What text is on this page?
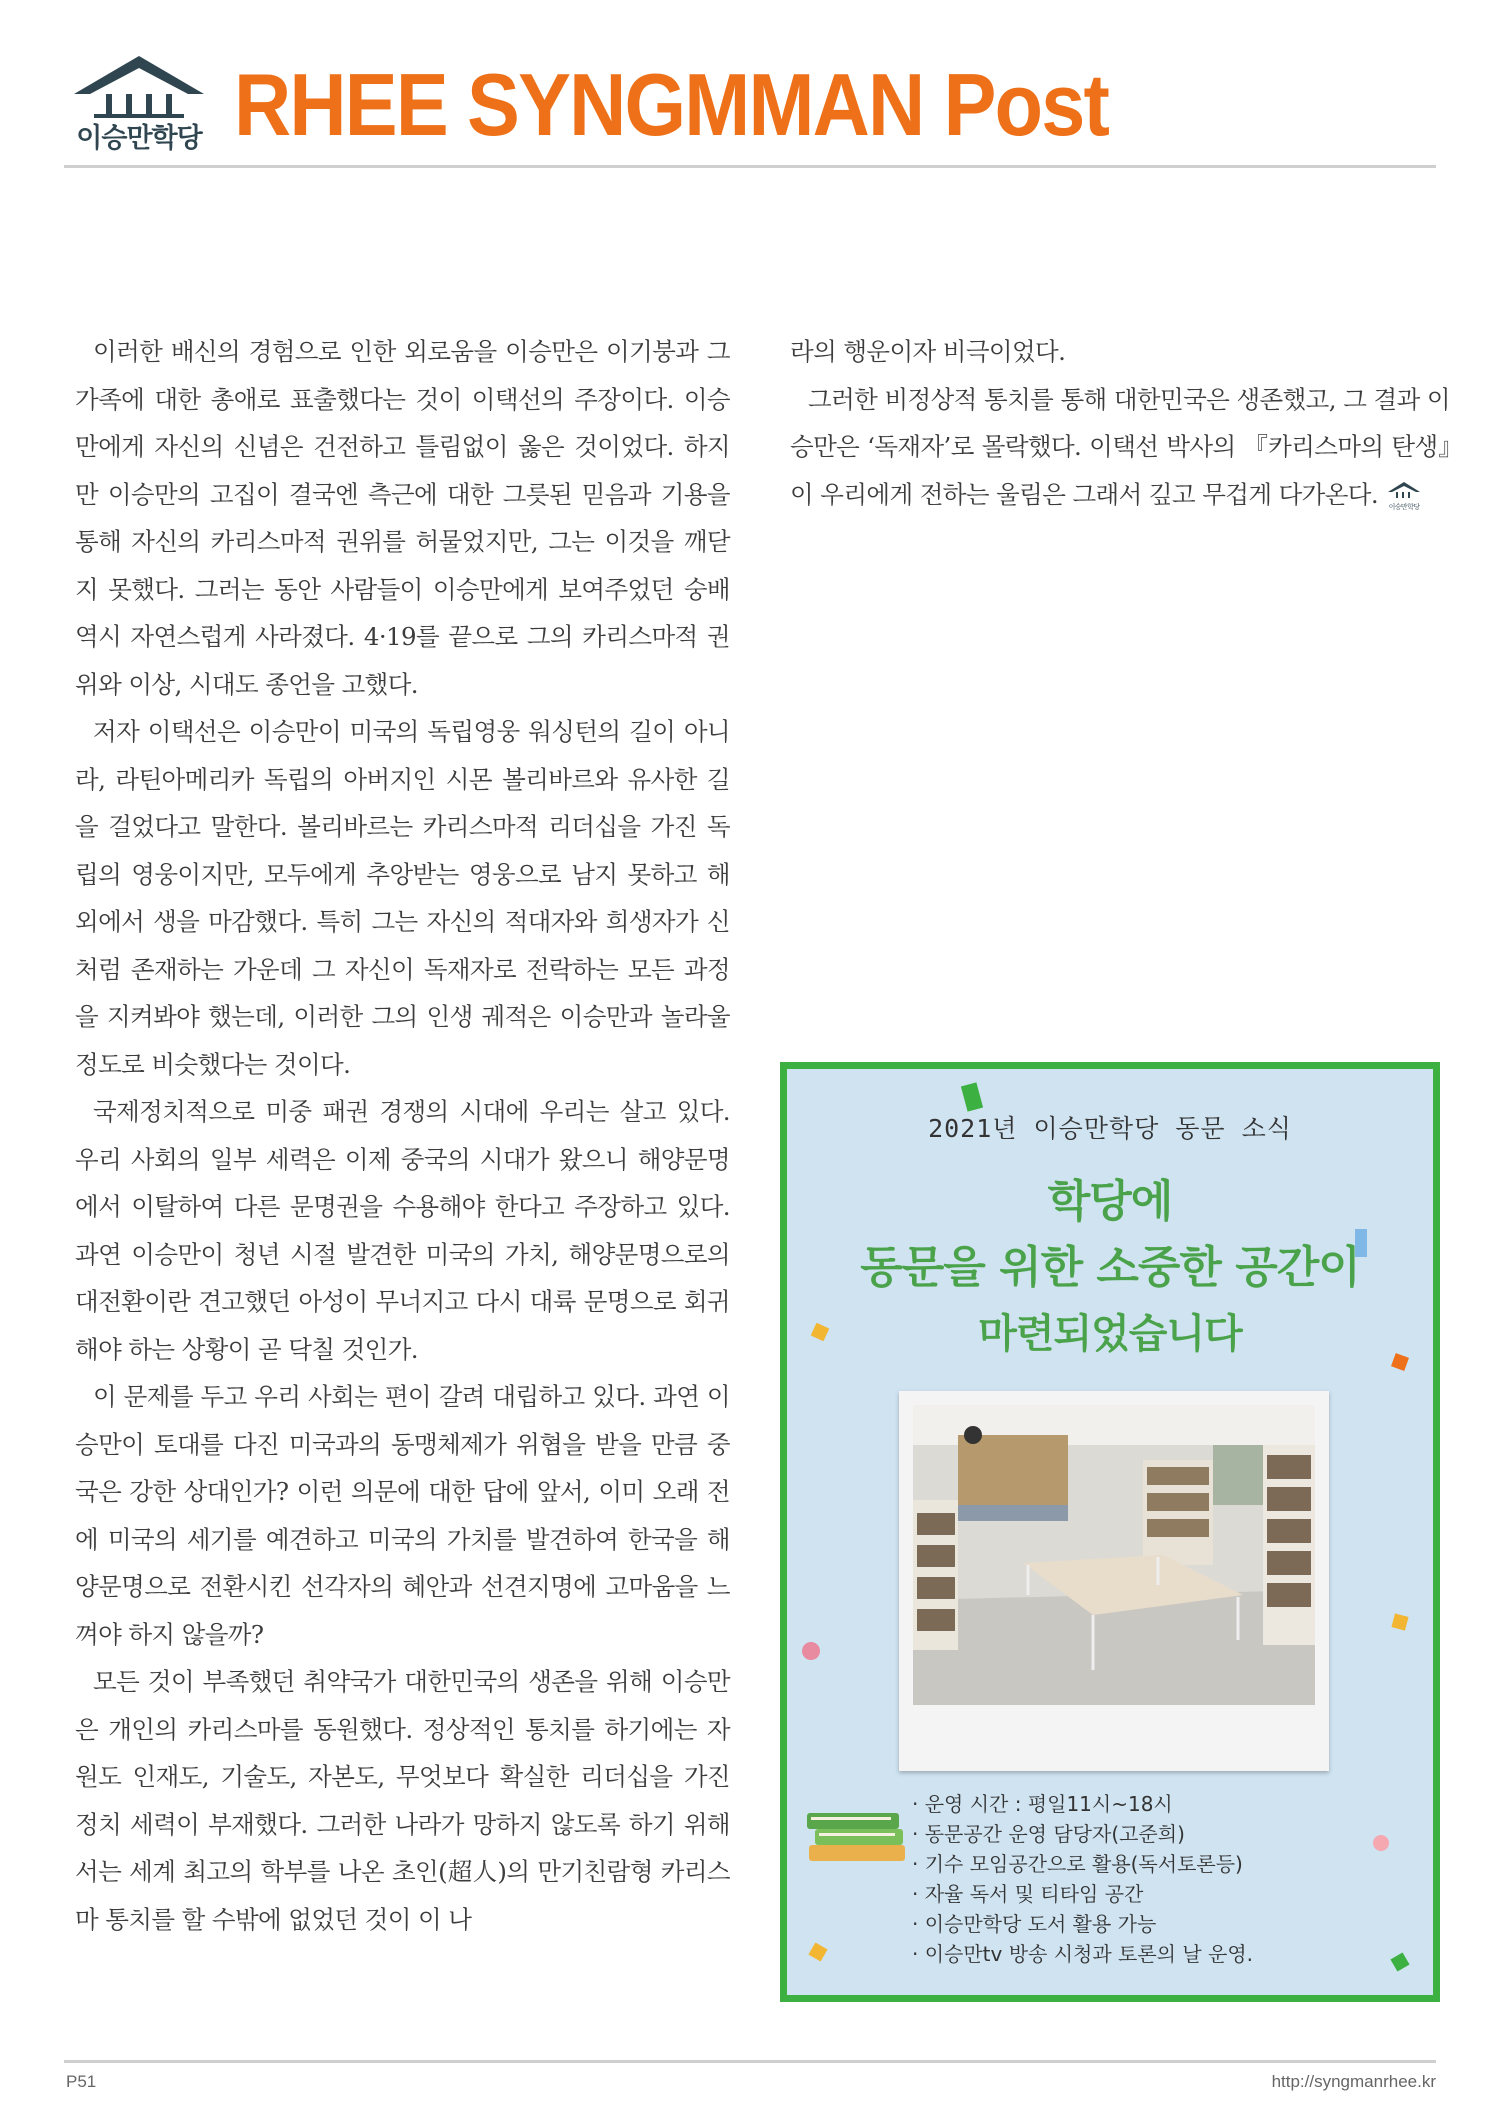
이승만학당 RHEE SYNGMMAN Post

이러한 배신의 경험으로 인한 외로움을 이승만은 이기붕과 그 가족에 대한 총애로 표출했다는 것이 이택선의 주장이다. 이승만에게 자신의 신념은 건전하고 틀림없이 옳은 것이었다. 하지만 이승만의 고집이 결국엔 측근에 대한 그릇된 믿음과 기용을 통해 자신의 카리스마적 권위를 허물었지만, 그는 이것을 깨닫지 못했다. 그러는 동안 사람들이 이승만에게 보여주었던 숭배 역시 자연스럽게 사라졌다. 4·19를 끝으로 그의 카리스마적 권위와 이상, 시대도 종언을 고했다.

저자 이택선은 이승만이 미국의 독립영웅 워싱턴의 길이 아니라, 라틴아메리카 독립의 아버지인 시몬 볼리바르와 유사한 길을 걸었다고 말한다. 볼리바르는 카리스마적 리더십을 가진 독립의 영웅이지만, 모두에게 추앙받는 영웅으로 남지 못하고 해외에서 생을 마감했다. 특히 그는 자신의 적대자와 희생자가 신처럼 존재하는 가운데 그 자신이 독재자로 전락하는 모든 과정을 지켜봐야 했는데, 이러한 그의 인생 궤적은 이승만과 놀라울 정도로 비슷했다는 것이다.

국제정치적으로 미중 패권 경쟁의 시대에 우리는 살고 있다. 우리 사회의 일부 세력은 이제 중국의 시대가 왔으니 해양문명에서 이탈하여 다른 문명권을 수용해야 한다고 주장하고 있다. 과연 이승만이 청년 시절 발견한 미국의 가치, 해양문명으로의 대전환이란 견고했던 아성이 무너지고 다시 대륙 문명으로 회귀해야 하는 상황이 곧 닥칠 것인가.

이 문제를 두고 우리 사회는 편이 갈려 대립하고 있다. 과연 이승만이 토대를 다진 미국과의 동맹체제가 위협을 받을 만큼 중국은 강한 상대인가? 이런 의문에 대한 답에 앞서, 이미 오래 전에 미국의 세기를 예견하고 미국의 가치를 발견하여 한국을 해양문명으로 전환시킨 선각자의 혜안과 선견지명에 고마움을 느껴야 하지 않을까?

모든 것이 부족했던 취약국가 대한민국의 생존을 위해 이승만은 개인의 카리스마를 동원했다. 정상적인 통치를 하기에는 자원도 인재도, 기술도, 자본도, 무엇보다 확실한 리더십을 가진 정치 세력이 부재했다. 그러한 나라가 망하지 않도록 하기 위해서는 세계 최고의 학부를 나온 초인(超人)의 만기친람형 카리스마 통치를 할 수밖에 없었던 것이 이 나

라의 행운이자 비극이었다.

그러한 비정상적 통치를 통해 대한민국은 생존했고, 그 결과 이승만은 ‘독재자’로 몰락했다. 이택선 박사의 『카리스마의 탄생』이 우리에게 전하는 울림은 그래서 깊고 무겁게 다가온다. 이승만학당

2021년 이승만학당 동문 소식
학당에
동문을 위한 소중한 공간이
마련되었습니다
· 운영 시간 : 평일11시~18시
· 동문공간 운영 담당자(고준희)
· 기수 모임공간으로 활용(독서토론등)
· 자율 독서 및 티타임 공간
· 이승만학당 도서 활용 가능
· 이승만tv 방송 시청과 토론의 날 운영.
P51	http://syngmanrhee.kr
